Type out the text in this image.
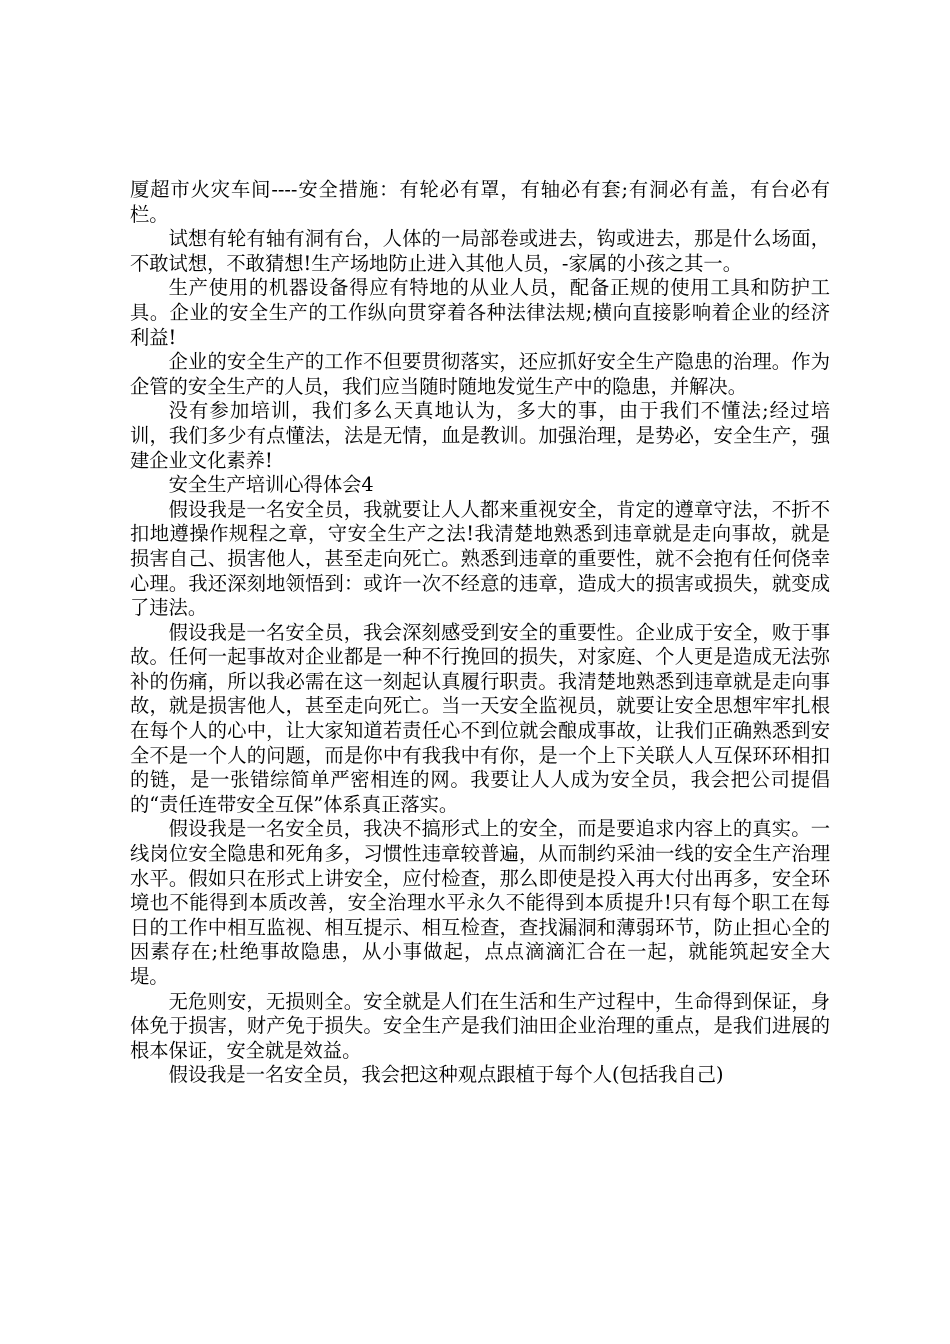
厦超市火灾车间----安全措施：有轮必有罩，有轴必有套;有洞必有盖，有台必有栏。

试想有轮有轴有洞有台，人体的一局部卷或进去，钩或进去，那是什么场面，不敢试想，不敢猜想!生产场地防止进入其他人员，-家属的小孩之其一。

生产使用的机器设备得应有特地的从业人员，配备正规的使用工具和防护工具。企业的安全生产的工作纵向贯穿着各种法律法规;横向直接影响着企业的经济利益!

企业的安全生产的工作不但要贯彻落实，还应抓好安全生产隐患的治理。作为企管的安全生产的人员，我们应当随时随地发觉生产中的隐患，并解决。

没有参加培训，我们多么天真地认为，多大的事，由于我们不懂法;经过培训，我们多少有点懂法，法是无情，血是教训。加强治理，是势必，安全生产，强建企业文化素养!

安全生产培训心得体会4

假设我是一名安全员，我就要让人人都来重视安全，肯定的遵章守法，不折不扣地遵操作规程之章，守安全生产之法!我清楚地熟悉到违章就是走向事故，就是损害自己、损害他人，甚至走向死亡。熟悉到违章的重要性，就不会抱有任何侥幸心理。我还深刻地领悟到：或许一次不经意的违章，造成大的损害或损失，就变成了违法。

假设我是一名安全员，我会深刻感受到安全的重要性。企业成于安全，败于事故。任何一起事故对企业都是一种不行挽回的损失，对家庭、个人更是造成无法弥补的伤痛，所以我必需在这一刻起认真履行职责。我清楚地熟悉到违章就是走向事故，就是损害他人，甚至走向死亡。当一天安全监视员，就要让安全思想牢牢扎根在每个人的心中，让大家知道若责任心不到位就会酿成事故，让我们正确熟悉到安全不是一个人的问题，而是你中有我我中有你，是一个上下关联人人互保环环相扣的链，是一张错综简单严密相连的网。我要让人人成为安全员，我会把公司提倡的“责任连带安全互保”体系真正落实。

假设我是一名安全员，我决不搞形式上的安全，而是要追求内容上的真实。一线岗位安全隐患和死角多，习惯性违章较普遍，从而制约采油一线的安全生产治理水平。假如只在形式上讲安全，应付检查，那么即使是投入再大付出再多，安全环境也不能得到本质改善，安全治理水平永久不能得到本质提升!只有每个职工在每日的工作中相互监视、相互提示、相互检查，查找漏洞和薄弱环节，防止担心全的因素存在;杜绝事故隐患，从小事做起，点点滴滴汇合在一起，就能筑起安全大堤。

无危则安，无损则全。安全就是人们在生活和生产过程中，生命得到保证，身体免于损害，财产免于损失。安全生产是我们油田企业治理的重点，是我们进展的根本保证，安全就是效益。

假设我是一名安全员，我会把这种观点跟植于每个人(包括我自己)
